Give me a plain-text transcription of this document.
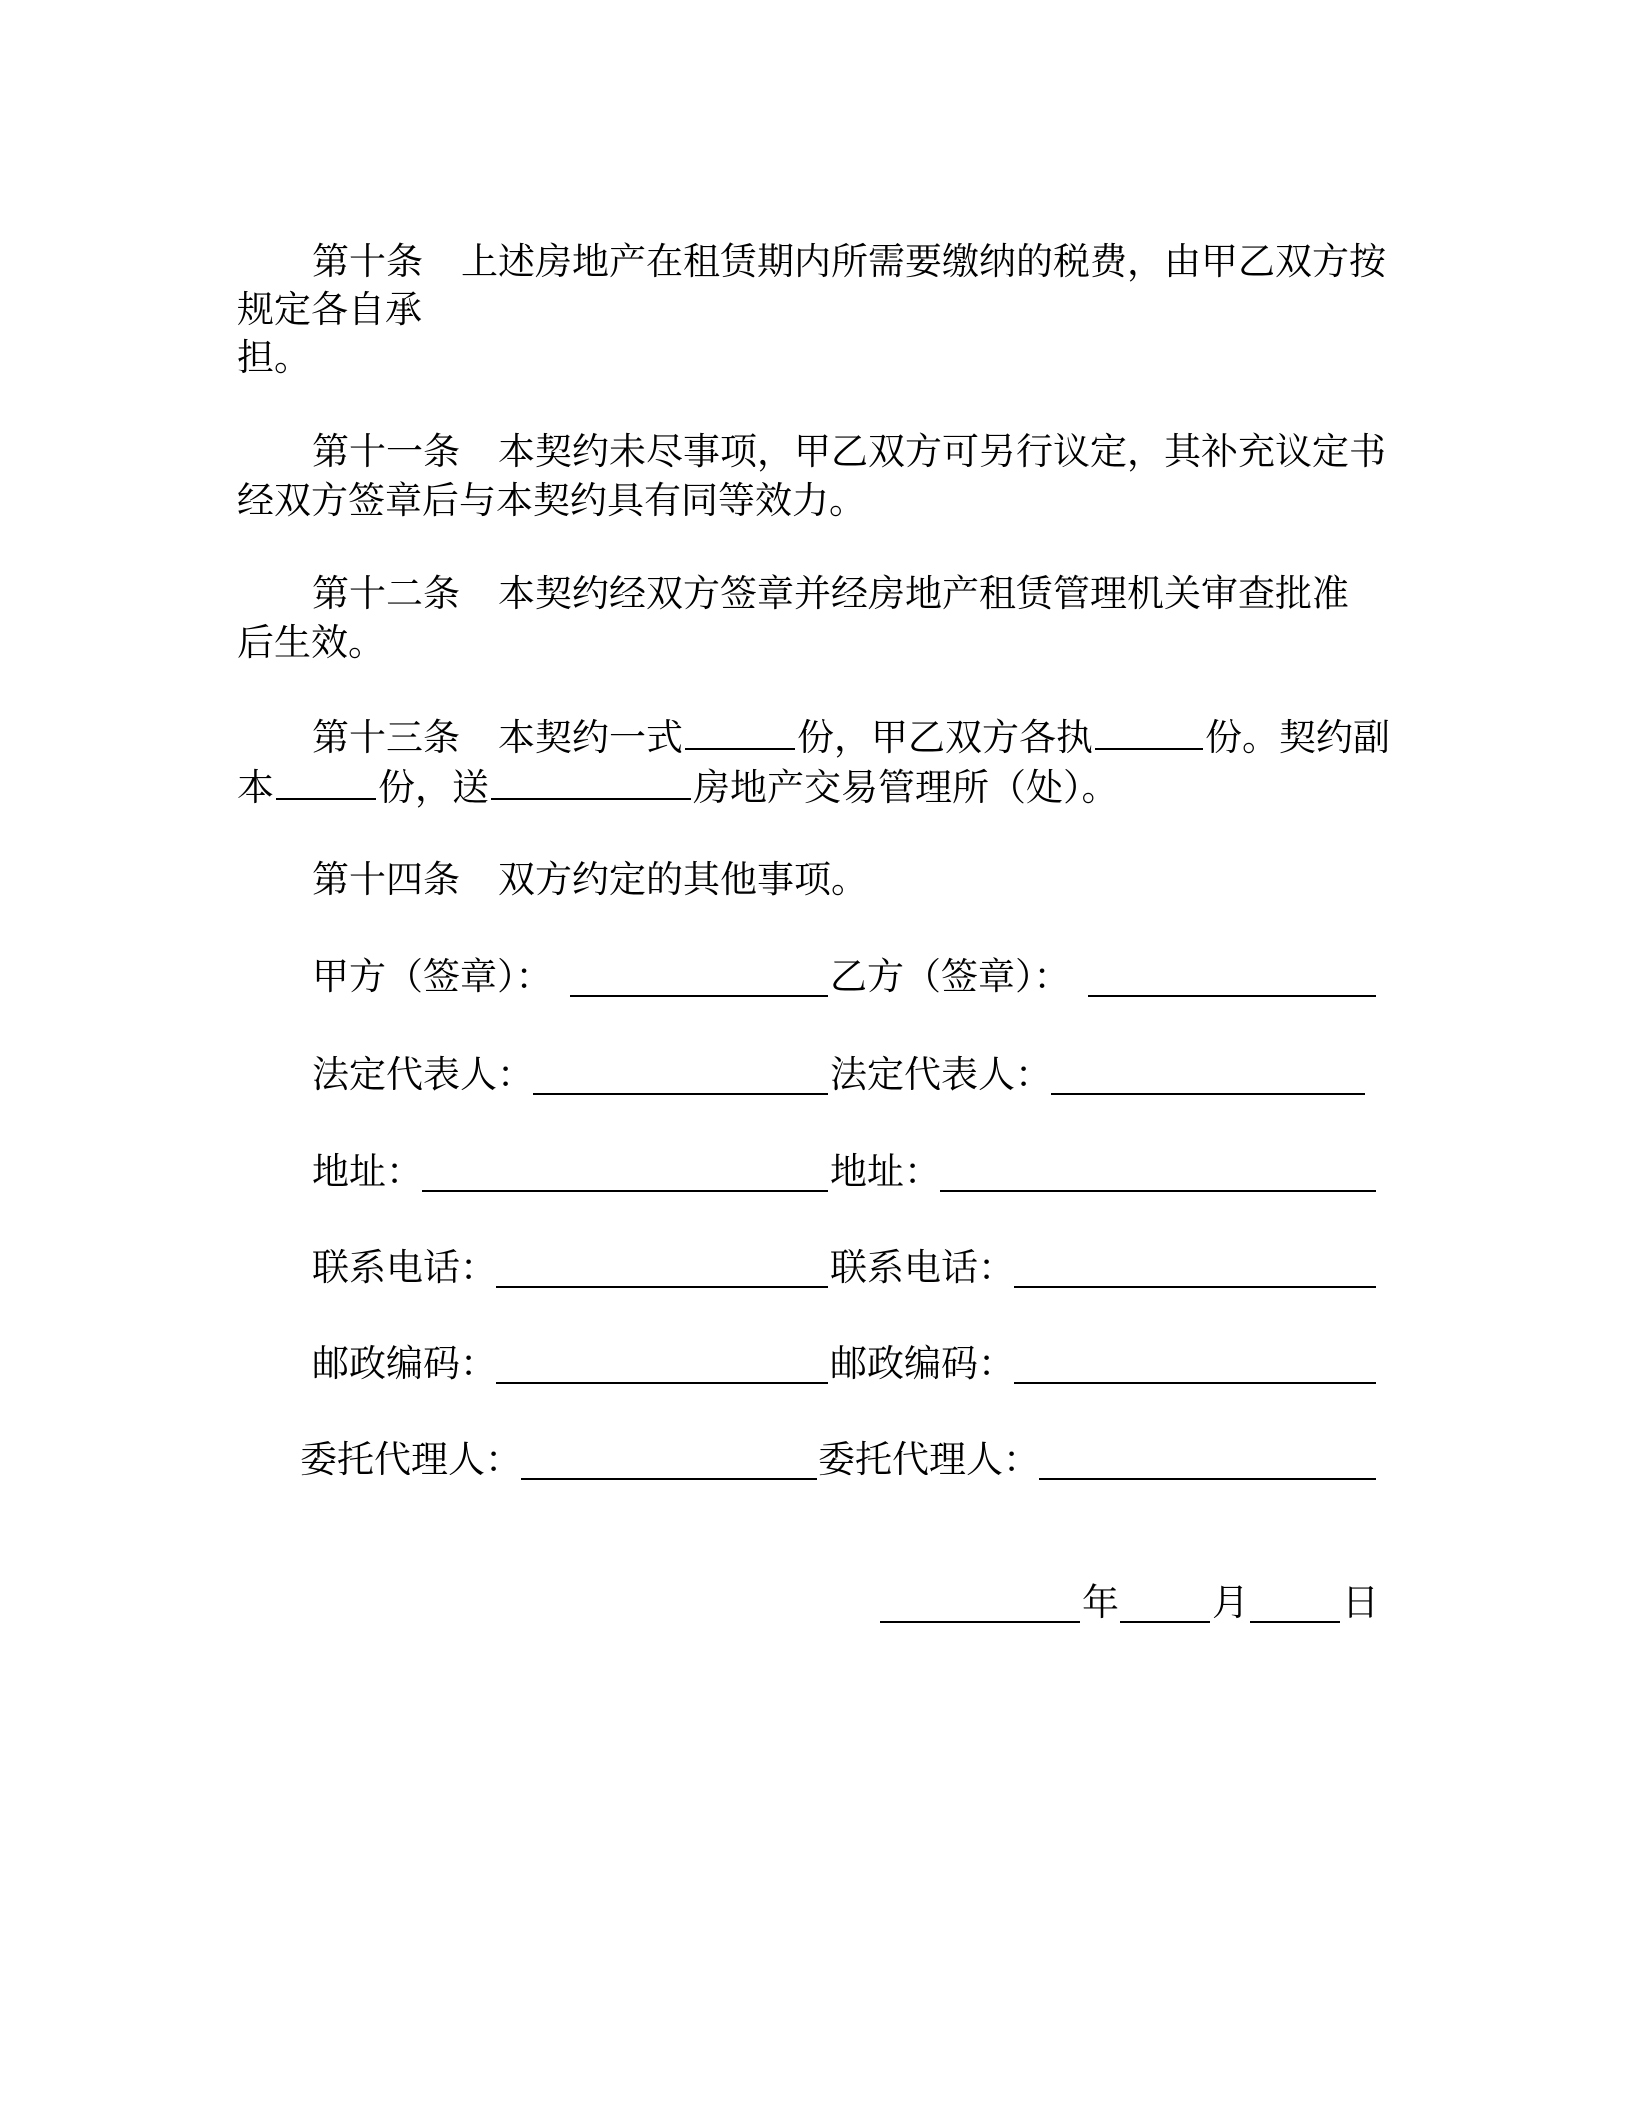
第十条 上述房地产在租赁期内所需要缴纳的税费，由甲乙双方按
规定各自承
担。
第十一条 本契约未尽事项，甲乙双方可另行议定，其补充议定书
经双方签章后与本契约具有同等效力。
第十二条 本契约经双方签章并经房地产租赁管理机关审查批准
后生效。
第十三条 本契约一式	份，甲乙双方各执	份。契约副
本	份，送	房地产交易管理所（处）。
第十四条 双方约定的其他事项。
甲方（签章）：	乙方（签章）：
法定代表人：	法定代表人：
地址：	地址：
联系电话：	联系电话：
邮政编码：	邮政编码：
委托代理人：	委托代理人：
年	月	日
